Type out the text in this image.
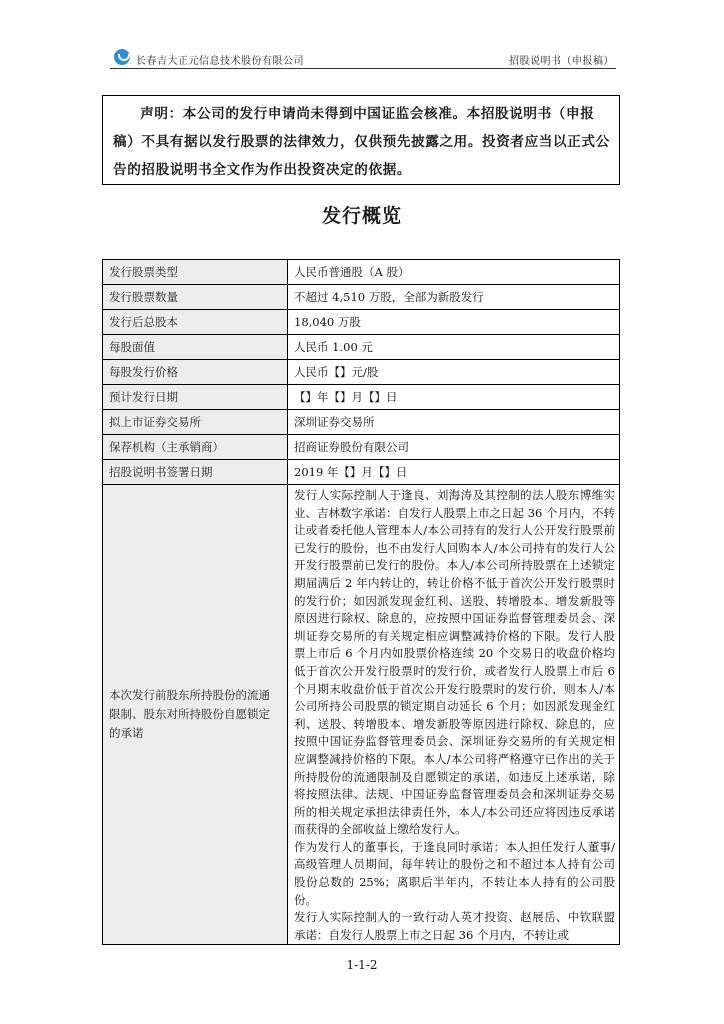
长春吉大正元信息技术股份有限公司	招股说明书（申报稿）
声明：本公司的发行申请尚未得到中国证监会核准。本招股说明书（申报稿）不具有据以发行股票的法律效力，仅供预先披露之用。投资者应当以正式公告的招股说明书全文作为作出投资决定的依据。
发行概览
发行股票类型	人民币普通股（A 股）
发行股票数量	不超过 4,510 万股，全部为新股发行
发行后总股本	18,040 万股
每股面值	人民币 1.00 元
每股发行价格	人民币【】元/股
预计发行日期	【】年【】月【】日
拟上市证券交易所	深圳证券交易所
保荐机构（主承销商）	招商证券股份有限公司
招股说明书签署日期	2019 年【】月【】日
本次发行前股东所持股份的流通限制、股东对所持股份自愿锁定的承诺	发行人实际控制人于逢良、刘海涛及其控制的法人股东博维实业、吉林数字承诺：自发行人股票上市之日起 36 个月内，不转让或者委托他人管理本人/本公司持有的发行人公开发行股票前已发行的股份，也不由发行人回购本人/本公司持有的发行人公开发行股票前已发行的股份。本人/本公司所持股票在上述锁定期届满后 2 年内转让的，转让价格不低于首次公开发行股票时的发行价；如因派发现金红利、送股、转增股本、增发新股等原因进行除权、除息的，应按照中国证券监督管理委员会、深圳证券交易所的有关规定相应调整减持价格的下限。发行人股票上市后 6 个月内如股票价格连续 20 个交易日的收盘价格均低于首次公开发行股票时的发行价，或者发行人股票上市后 6 个月期末收盘价低于首次公开发行股票时的发行价，则本人/本公司所持公司股票的锁定期自动延长 6 个月；如因派发现金红利、送股、转增股本、增发新股等原因进行除权、除息的，应按照中国证券监督管理委员会、深圳证券交易所的有关规定相应调整减持价格的下限。本人/本公司将严格遵守已作出的关于所持股份的流通限制及自愿锁定的承诺，如违反上述承诺，除将按照法律、法规、中国证券监督管理委员会和深圳证券交易所的相关规定承担法律责任外，本人/本公司还应将因违反承诺而获得的全部收益上缴给发行人。

作为发行人的董事长，于逢良同时承诺：本人担任发行人董事/高级管理人员期间，每年转让的股份之和不超过本人持有公司股份总数的 25%；离职后半年内，不转让本人持有的公司股份。

发行人实际控制人的一致行动人英才投资、赵展岳、中钦联盟承诺：自发行人股票上市之日起 36 个月内，不转让或

1-1-2
